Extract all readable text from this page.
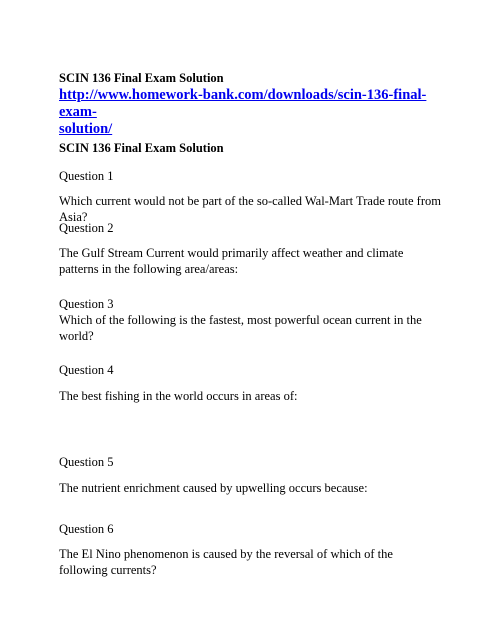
SCIN 136 Final Exam Solution

http://www.homework-bank.com/downloads/scin-136-final-exam-
solution/

SCIN 136 Final Exam Solution

Question 1

Which current would not be part of the so-called Wal-Mart Trade route from Asia?

Question 2

The Gulf Stream Current would primarily affect weather and climate patterns in the following area/areas:

Question 3

Which of the following is the fastest, most powerful ocean current in the world?

Question 4

The best fishing in the world occurs in areas of:

Question 5

The nutrient enrichment caused by upwelling occurs because:

Question 6

The El Nino phenomenon is caused by the reversal of which of the following currents?
